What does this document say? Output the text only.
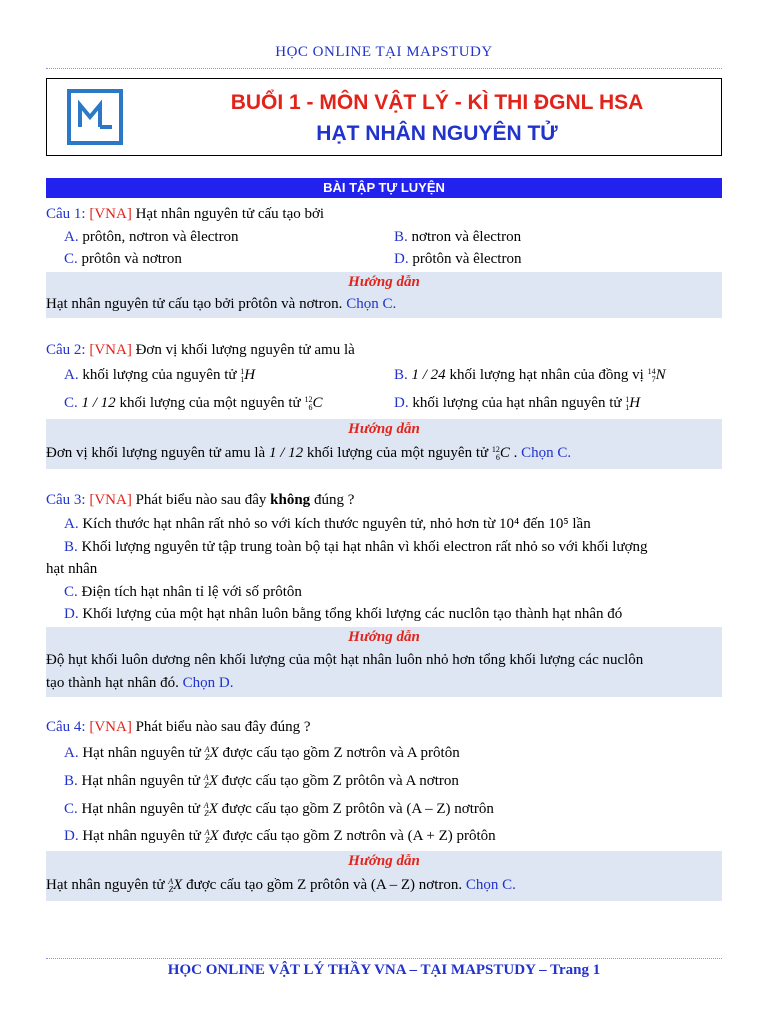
HỌC ONLINE TẠI MAPSTUDY
BUỔI 1 - MÔN VẬT LÝ - KÌ THI ĐGNL HSA
HẠT NHÂN NGUYÊN TỬ
BÀI TẬP TỰ LUYỆN
Câu 1: [VNA] Hạt nhân nguyên tử cấu tạo bởi
A. prôtôn, nơtron và êlectron	B. nơtron và êlectron
C. prôtôn và nơtron	D. prôtôn và êlectron
Hướng dẫn
Hạt nhân nguyên tử cấu tạo bởi prôtôn và nơtron. Chọn C.
Câu 2: [VNA] Đơn vị khối lượng nguyên tử amu là
A. khối lượng của nguyên tử 1
1H	B. 1 / 24 khối lượng hạt nhân của đồng vị 14
7N
C. 1 / 12 khối lượng của một nguyên tử 12
6C	D. khối lượng của hạt nhân nguyên tử 1
1H
Hướng dẫn
Đơn vị khối lượng nguyên tử amu là 1 / 12 khối lượng của một nguyên tử 12
6C . Chọn C.
Câu 3: [VNA] Phát biểu nào sau đây không đúng ?
A. Kích thước hạt nhân rất nhỏ so với kích thước nguyên tử, nhỏ hơn từ 10⁴ đến 10⁵ lần
B. Khối lượng nguyên tử tập trung toàn bộ tại hạt nhân vì khối electron rất nhỏ so với khối lượng
hạt nhân
C. Điện tích hạt nhân tỉ lệ với số prôtôn
D. Khối lượng của một hạt nhân luôn bằng tổng khối lượng các nuclôn tạo thành hạt nhân đó
Hướng dẫn
Độ hụt khối luôn dương nên khối lượng của một hạt nhân luôn nhỏ hơn tổng khối lượng các nuclôn
tạo thành hạt nhân đó. Chọn D.
Câu 4: [VNA] Phát biểu nào sau đây đúng ?
A. Hạt nhân nguyên tử A
ZX được cấu tạo gồm Z nơtrôn và A prôtôn
B. Hạt nhân nguyên tử A
ZX được cấu tạo gồm Z prôtôn và A nơtron
C. Hạt nhân nguyên tử A
ZX được cấu tạo gồm Z prôtôn và (A – Z) nơtrôn
D. Hạt nhân nguyên tử A
ZX được cấu tạo gồm Z nơtrôn và (A + Z) prôtôn
Hướng dẫn
Hạt nhân nguyên tử A
ZX được cấu tạo gồm Z prôtôn và (A – Z) nơtron. Chọn C.
HỌC ONLINE VẬT LÝ THẦY VNA – TẠI MAPSTUDY – Trang 1
